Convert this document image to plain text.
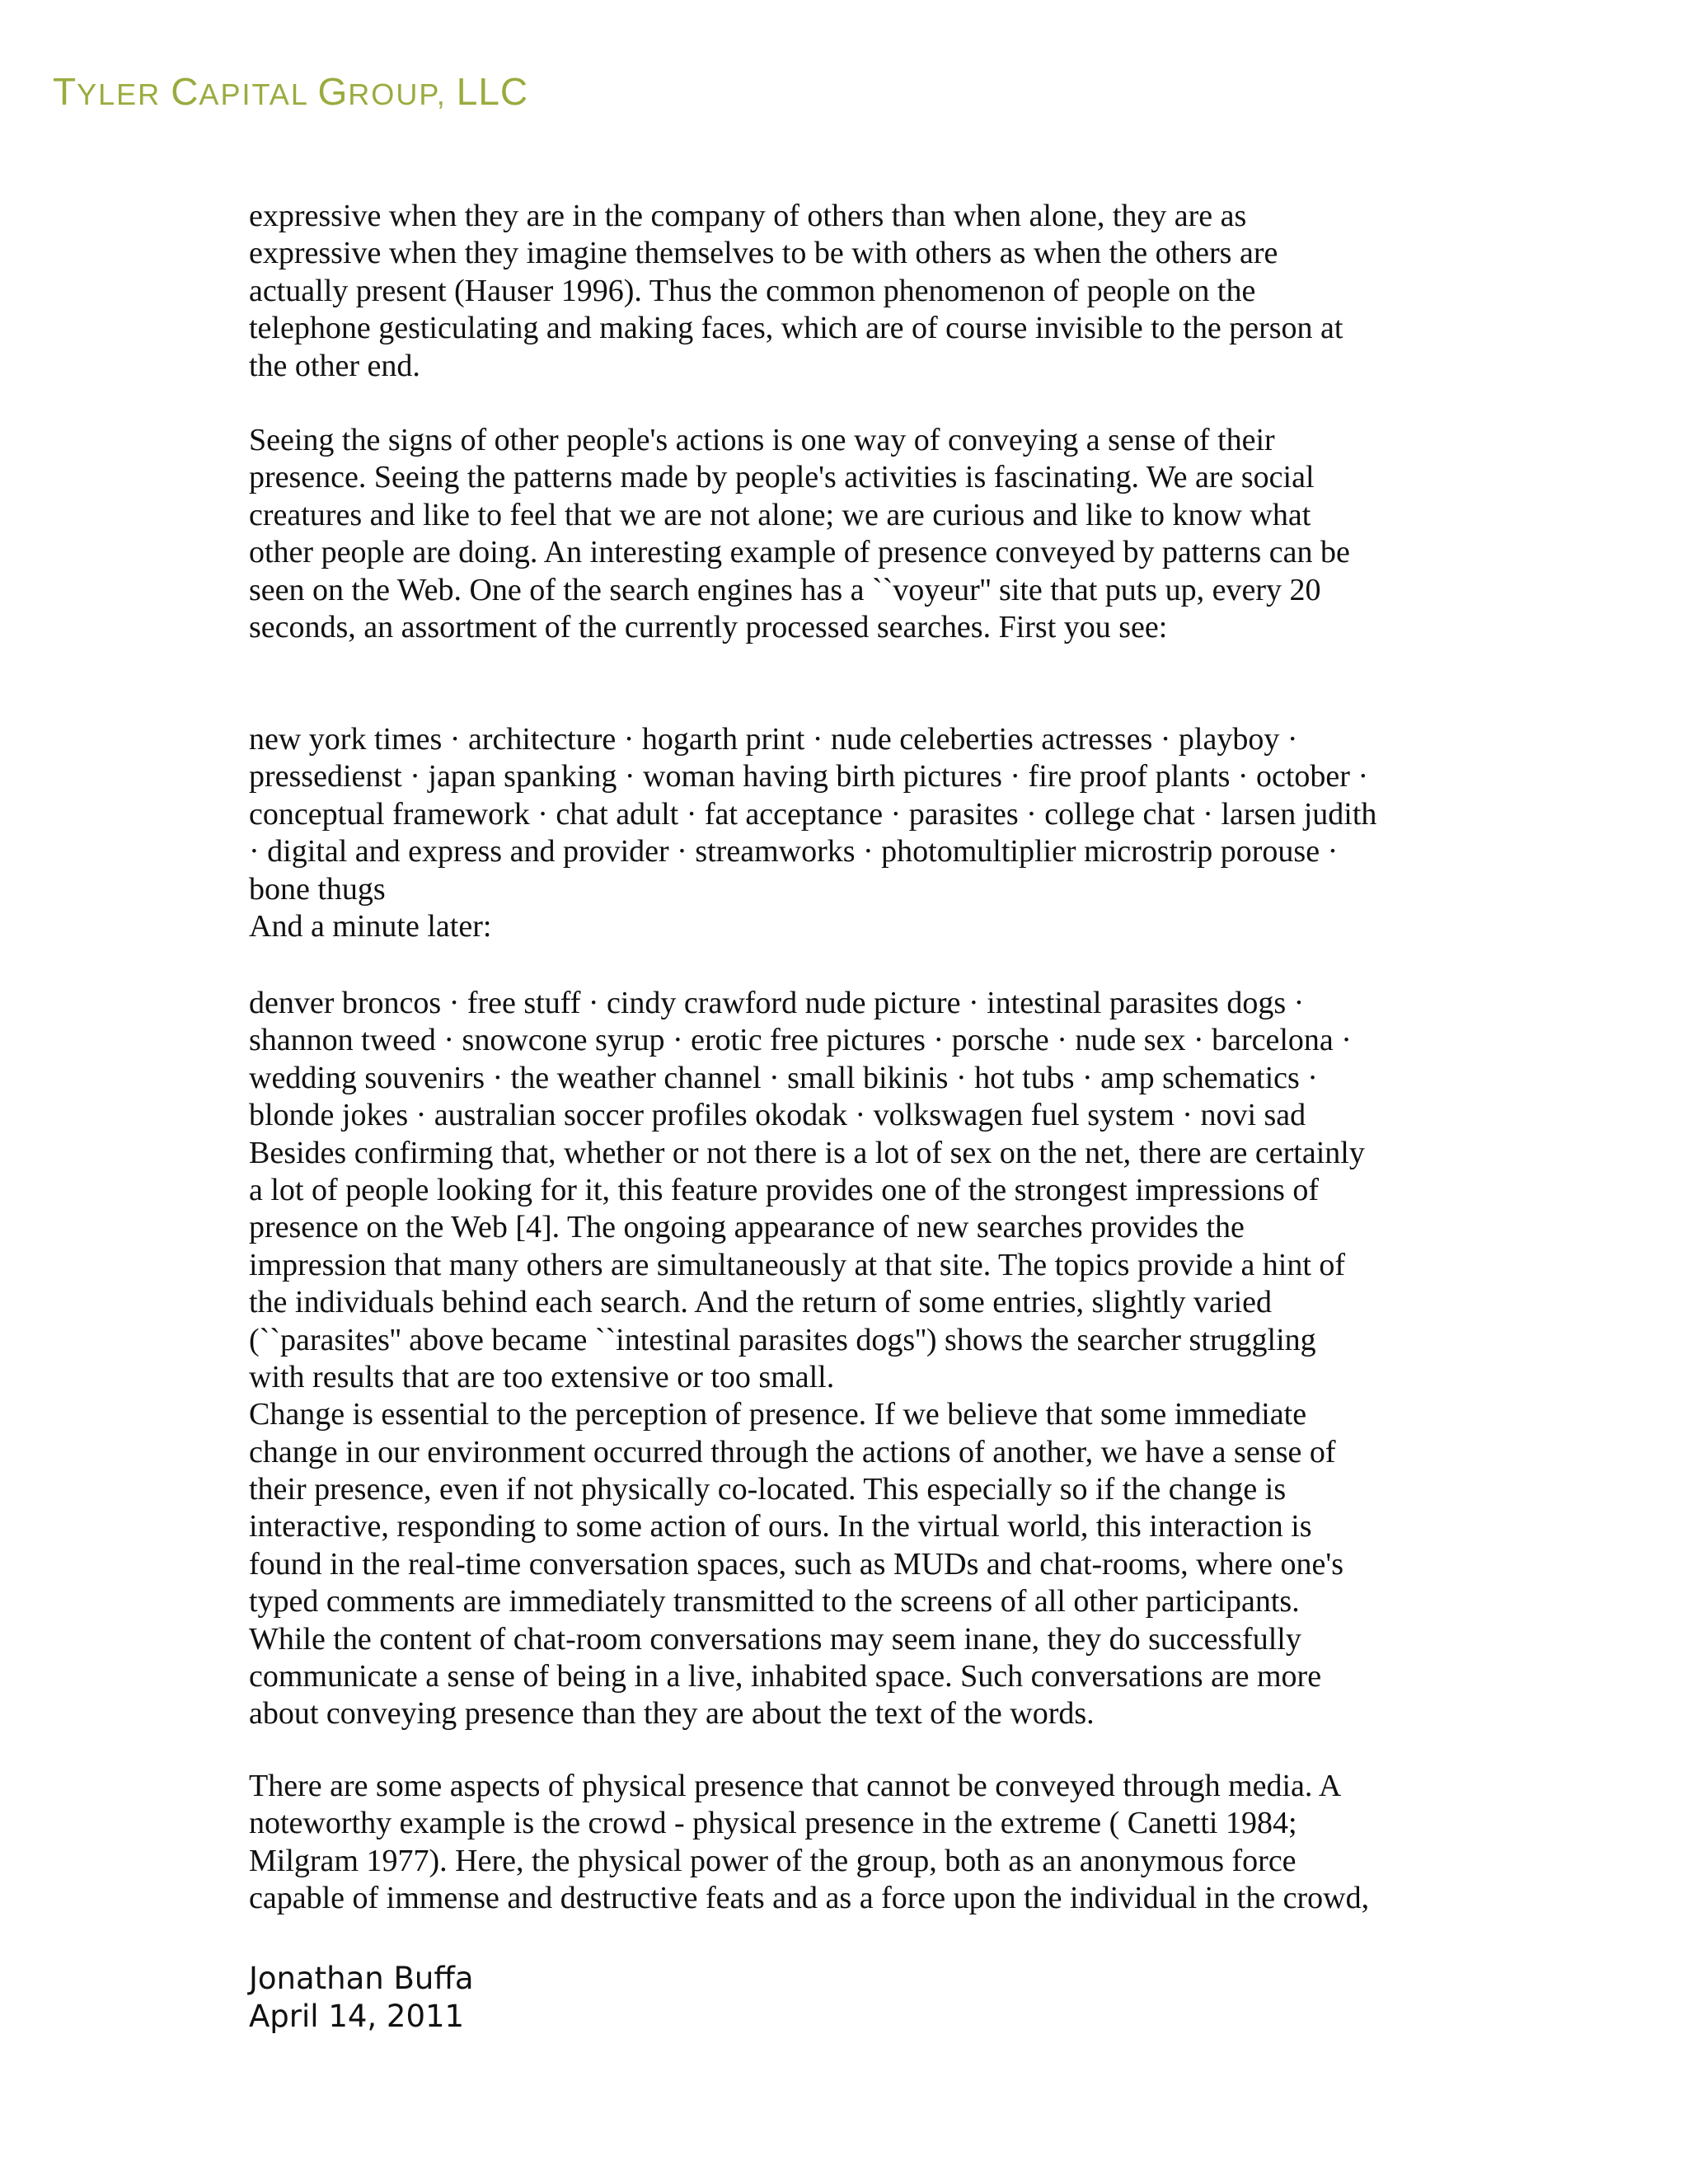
TYLER CAPITAL GROUP, LLC
expressive when they are in the company of others than when alone, they are as
expressive when they imagine themselves to be with others as when the others are
actually present (Hauser 1996). Thus the common phenomenon of people on the
telephone gesticulating and making faces, which are of course invisible to the person at
the other end.
Seeing the signs of other people's actions is one way of conveying a sense of their
presence. Seeing the patterns made by people's activities is fascinating. We are social
creatures and like to feel that we are not alone; we are curious and like to know what
other people are doing. An interesting example of presence conveyed by patterns can be
seen on the Web. One of the search engines has a ``voyeur'' site that puts up, every 20
seconds, an assortment of the currently processed searches. First you see:
new york times · architecture · hogarth print · nude celeberties actresses · playboy ·
pressedienst · japan spanking · woman having birth pictures · fire proof plants · october ·
conceptual framework · chat adult · fat acceptance · parasites · college chat · larsen judith
· digital and express and provider · streamworks · photomultiplier microstrip porouse ·
bone thugs
And a minute later:
denver broncos · free stuff · cindy crawford nude picture · intestinal parasites dogs ·
shannon tweed · snowcone syrup · erotic free pictures · porsche · nude sex · barcelona ·
wedding souvenirs · the weather channel · small bikinis · hot tubs · amp schematics ·
blonde jokes · australian soccer profiles okodak · volkswagen fuel system · novi sad
Besides confirming that, whether or not there is a lot of sex on the net, there are certainly
a lot of people looking for it, this feature provides one of the strongest impressions of
presence on the Web [4]. The ongoing appearance of new searches provides the
impression that many others are simultaneously at that site. The topics provide a hint of
the individuals behind each search. And the return of some entries, slightly varied
(``parasites'' above became ``intestinal parasites dogs'') shows the searcher struggling
with results that are too extensive or too small.
Change is essential to the perception of presence. If we believe that some immediate
change in our environment occurred through the actions of another, we have a sense of
their presence, even if not physically co-located. This especially so if the change is
interactive, responding to some action of ours. In the virtual world, this interaction is
found in the real-time conversation spaces, such as MUDs and chat-rooms, where one's
typed comments are immediately transmitted to the screens of all other participants.
While the content of chat-room conversations may seem inane, they do successfully
communicate a sense of being in a live, inhabited space. Such conversations are more
about conveying presence than they are about the text of the words.
There are some aspects of physical presence that cannot be conveyed through media. A
noteworthy example is the crowd - physical presence in the extreme ( Canetti 1984;
Milgram 1977). Here, the physical power of the group, both as an anonymous force
capable of immense and destructive feats and as a force upon the individual in the crowd,
Jonathan Buffa
April 14, 2011
